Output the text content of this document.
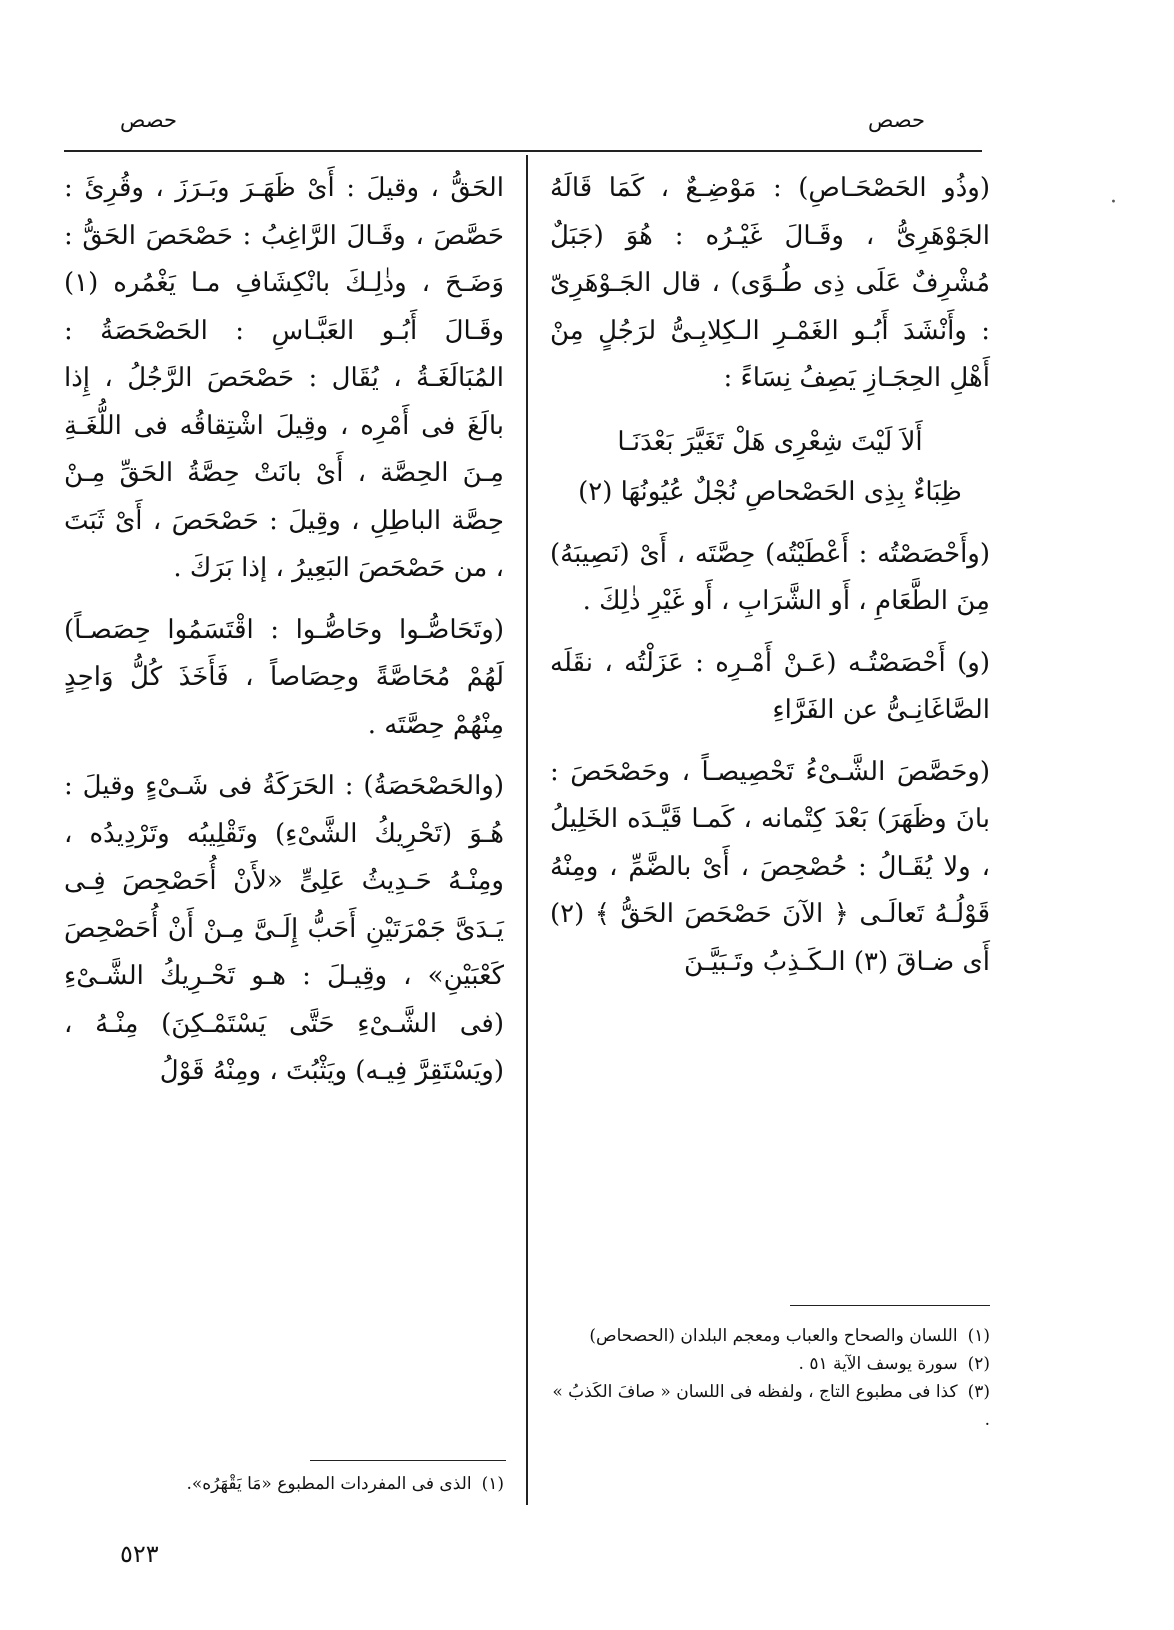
حصص	حصص

(وذُو الحَصْحَـاصِ) : مَوْضِـعٌ ، كَمَا قَالَهُ الجَوْهَرِىُّ ، وقَـالَ غَيْـرُه : هُوَ (جَبَلٌ مُشْرِفٌ عَلَى ذِى طُـوًى) ، قال الجَـوْهَرِىّ : وأَنْشَدَ أَبُـو الغَمْـرِ الـكِلابِـىُّ لرَجُلٍ مِنْ أَهْلِ الحِجَـازِ يَصِفُ نِسَاءً :

أَلاَ لَيْتَ شِعْرِى هَلْ تَغَيَّرَ بَعْدَنَـا

ظِبَاءٌ بِذِى الحَصْحاصِ نُجْلٌ عُيُونُهَا (٢)

(وأَحْصَصْتُه : أَعْطَيْتُه) حِصَّتَه ، أَىْ (نَصِيبَهُ) مِنَ الطَّعَامِ ، أَو الشَّرَابِ ، أَو غَيْرِ ذٰلِكَ .

(و) أَحْصَصْتُـه (عَـنْ أَمْـرِه : عَزَلْتُه ، نقَلَه الصَّاغَانِـىُّ عن الفَرَّاءِ

(وحَصَّصَ الشَّـىْءُ تَحْصِيصـاً ، وحَصْحَصَ : بانَ وظَهَرَ) بَعْدَ كِتْمانه ، كَمـا قَيَّـدَه الخَلِيلُ ، ولا يُقَـالُ : حُصْحِصَ ، أَىْ بالضَّمِّ ، ومِنْهُ قَوْلُـهُ تَعالَـى ﴿ الآنَ حَصْحَصَ الحَقُّ ﴾ (٢) أَى ضـاقَ (٣) الـكَـذِبُ وتَـبَيَّـنَ

الحَقُّ ، وقيلَ : أَىْ ظَهَـرَ وبَـرَزَ ، وقُرِئَ : حَصَّصَ ، وقَـالَ الرَّاغِبُ : حَصْحَصَ الحَقُّ : وَضَـحَ ، وذٰلِـكَ بانْكِشَافِ مـا يَغْمُره (١) وقَـالَ أَبُـو العَبَّـاسِ : الحَصْحَصَةُ : المُبَالَغَـةُ ، يُقَال : حَصْحَصَ الرَّجُلُ ، إِذا بالَغَ فى أَمْرِه ، وقِيلَ اشْتِقاقُه فى اللُّغَـةِ مِـنَ الحِصَّة ، أَىْ بانَتْ حِصَّةُ الحَقِّ مِـنْ حِصَّة الباطِلِ ، وقِيلَ : حَصْحَصَ ، أَىْ ثَبَتَ ، من حَصْحَصَ البَعِيرُ ، إذا بَرَكَ .

(وتَحَاصُّـوا وحَاصُّـوا : اقْتَسَمُوا حِصَصـاً) لَهُمْ مُحَاصَّةً وحِصَاصاً ، فَأَخَذَ كُلُّ وَاحِدٍ مِنْهُمْ حِصَّتَه .

(والحَصْحَصَةُ) : الحَرَكَةُ فى شَـىْءٍ وقيلَ : هُـوَ (تَحْرِيكُ الشَّىْءِ) وتَقْلِيبُه وتَرْدِيدُه ، ومِنْـهُ حَـدِيثُ عَلِىٍّ «لأَنْ أُحَصْحِصَ فِـى يَـدَىَّ جَمْرَتَيْنِ أَحَبُّ إِلَـىَّ مِـنْ أَنْ أُحَصْحِصَ كَعْبَيْنِ» ، وقِيـلَ : هـو تَحْـرِيكُ الشَّـىْءِ (فى الشَّـىْءِ حَتَّى يَسْتَمْـكِنَ) مِنْـهُ ، (ويَسْتَقِرَّ فِيـه) ويَثْبُتَ ، ومِنْهُ قَوْلُ

(١)اللسان والصحاح والعباب ومعجم البلدان (الحصحاص)

(٢)سورة يوسف الآية ٥١ .

(٣)كذا فى مطبوع التاج ، ولفظه فى اللسان « صافَ الكَذبُ » .

(١)الذى فى المفردات المطبوع «مَا يَقْهَرُه».

٥٢٣
·
